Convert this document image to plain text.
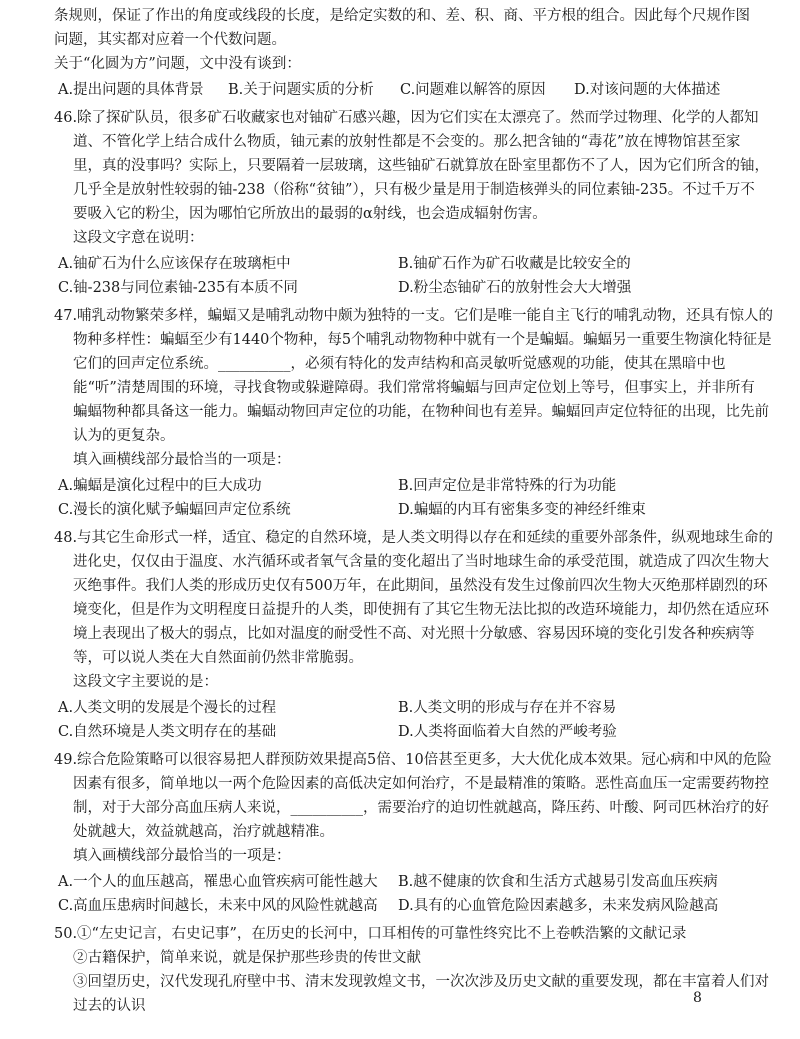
条规则，保证了作出的角度或线段的长度，是给定实数的和、差、积、商、平方根的组合。因此每个尺规作图

问题，其实都对应着一个代数问题。

关于“化圆为方”问题，文中没有谈到：

A.提出问题的具体背景	B.关于问题实质的分析	C.问题难以解答的原因	D.对该问题的大体描述

46.除了探矿队员，很多矿石收藏家也对铀矿石感兴趣，因为它们实在太漂亮了。然而学过物理、化学的人都知

道、不管化学上结合成什么物质，铀元素的放射性都是不会变的。那么把含铀的“毒花”放在博物馆甚至家

里，真的没事吗？实际上，只要隔着一层玻璃，这些铀矿石就算放在卧室里都伤不了人，因为它们所含的铀，

几乎全是放射性较弱的铀-238（俗称“贫铀”），只有极少量是用于制造核弹头的同位素铀-235。不过千万不

要吸入它的粉尘，因为哪怕它所放出的最弱的α射线，也会造成辐射伤害。

这段文字意在说明：

A.铀矿石为什么应该保存在玻璃柜中	B.铀矿石作为矿石收藏是比较安全的
C.铀-238与同位素铀-235有本质不同	D.粉尘态铀矿石的放射性会大大增强

47.哺乳动物繁荣多样，蝙蝠又是哺乳动物中颇为独特的一支。它们是唯一能自主飞行的哺乳动物，还具有惊人的

物种多样性：蝙蝠至少有1440个物种，每5个哺乳动物物种中就有一个是蝙蝠。蝙蝠另一重要生物演化特征是

它们的回声定位系统。__________，必须有特化的发声结构和高灵敏听觉感观的功能，使其在黑暗中也

能“听”清楚周围的环境，寻找食物或躲避障碍。我们常常将蝙蝠与回声定位划上等号，但事实上，并非所有

蝙蝠物种都具备这一能力。蝙蝠动物回声定位的功能，在物种间也有差异。蝙蝠回声定位特征的出现，比先前

认为的更复杂。

填入画横线部分最恰当的一项是：

A.蝙蝠是演化过程中的巨大成功	B.回声定位是非常特殊的行为功能
C.漫长的演化赋予蝙蝠回声定位系统	D.蝙蝠的内耳有密集多变的神经纤维束

48.与其它生命形式一样，适宜、稳定的自然环境，是人类文明得以存在和延续的重要外部条件，纵观地球生命的

进化史，仅仅由于温度、水汽循环或者氧气含量的变化超出了当时地球生命的承受范围，就造成了四次生物大

灭绝事件。我们人类的形成历史仅有500万年，在此期间，虽然没有发生过像前四次生物大灭绝那样剧烈的环

境变化，但是作为文明程度日益提升的人类，即使拥有了其它生物无法比拟的改造环境能力，却仍然在适应环

境上表现出了极大的弱点，比如对温度的耐受性不高、对光照十分敏感、容易因环境的变化引发各种疾病等

等，可以说人类在大自然面前仍然非常脆弱。

这段文字主要说的是：

A.人类文明的发展是个漫长的过程	B.人类文明的形成与存在并不容易
C.自然环境是人类文明存在的基础	D.人类将面临着大自然的严峻考验

49.综合危险策略可以很容易把人群预防效果提高5倍、10倍甚至更多，大大优化成本效果。冠心病和中风的危险

因素有很多，简单地以一两个危险因素的高低决定如何治疗，不是最精准的策略。恶性高血压一定需要药物控

制，对于大部分高血压病人来说，__________，需要治疗的迫切性就越高，降压药、叶酸、阿司匹林治疗的好

处就越大，效益就越高，治疗就越精准。

填入画横线部分最恰当的一项是：

A.一个人的血压越高，罹患心血管疾病可能性越大	B.越不健康的饮食和生活方式越易引发高血压疾病
C.高血压患病时间越长，未来中风的风险性就越高	D.具有的心血管危险因素越多，未来发病风险越高

50.①“左史记言，右史记事”，在历史的长河中，口耳相传的可靠性终究比不上卷帙浩繁的文献记录

②古籍保护，简单来说，就是保护那些珍贵的传世文献

③回望历史，汉代发现孔府壁中书、清末发现敦煌文书，一次次涉及历史文献的重要发现，都在丰富着人们对

过去的认识	8
